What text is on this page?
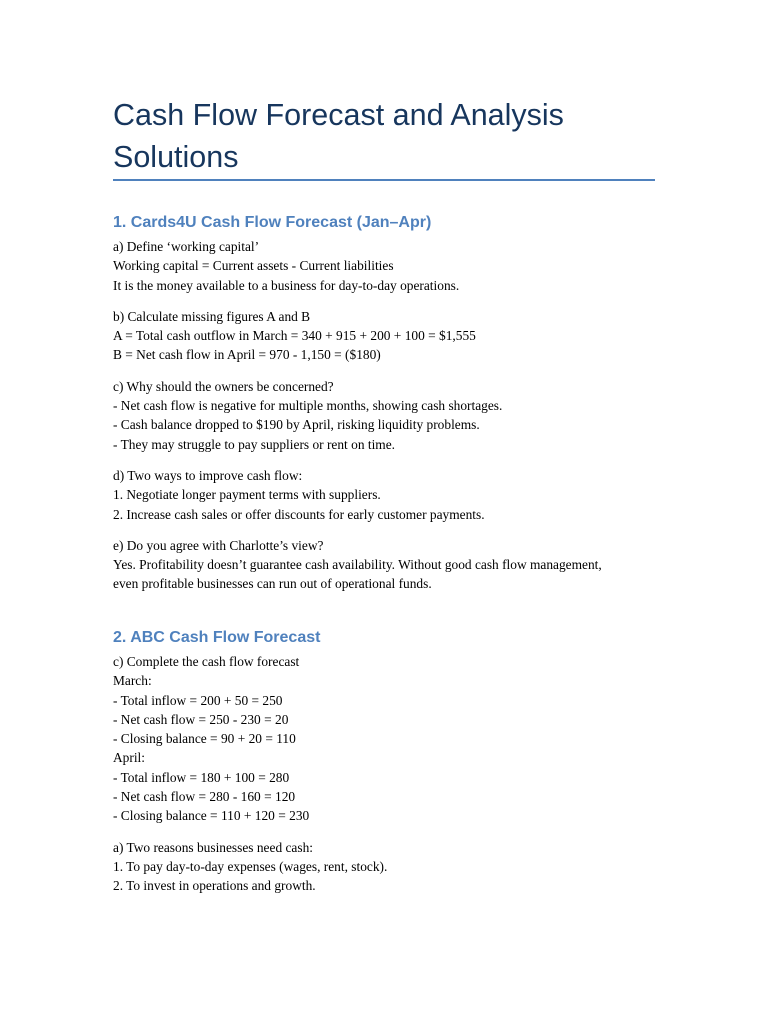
Cash Flow Forecast and Analysis Solutions
1. Cards4U Cash Flow Forecast (Jan–Apr)
a) Define ‘working capital’
Working capital = Current assets - Current liabilities
It is the money available to a business for day-to-day operations.
b) Calculate missing figures A and B
A = Total cash outflow in March = 340 + 915 + 200 + 100 = $1,555
B = Net cash flow in April = 970 - 1,150 = ($180)
c) Why should the owners be concerned?
- Net cash flow is negative for multiple months, showing cash shortages.
- Cash balance dropped to $190 by April, risking liquidity problems.
- They may struggle to pay suppliers or rent on time.
d) Two ways to improve cash flow:
1. Negotiate longer payment terms with suppliers.
2. Increase cash sales or offer discounts for early customer payments.
e) Do you agree with Charlotte’s view?
Yes. Profitability doesn’t guarantee cash availability. Without good cash flow management,
even profitable businesses can run out of operational funds.
2. ABC Cash Flow Forecast
c) Complete the cash flow forecast
March:
- Total inflow = 200 + 50 = 250
- Net cash flow = 250 - 230 = 20
- Closing balance = 90 + 20 = 110
April:
- Total inflow = 180 + 100 = 280
- Net cash flow = 280 - 160 = 120
- Closing balance = 110 + 120 = 230
a) Two reasons businesses need cash:
1. To pay day-to-day expenses (wages, rent, stock).
2. To invest in operations and growth.
